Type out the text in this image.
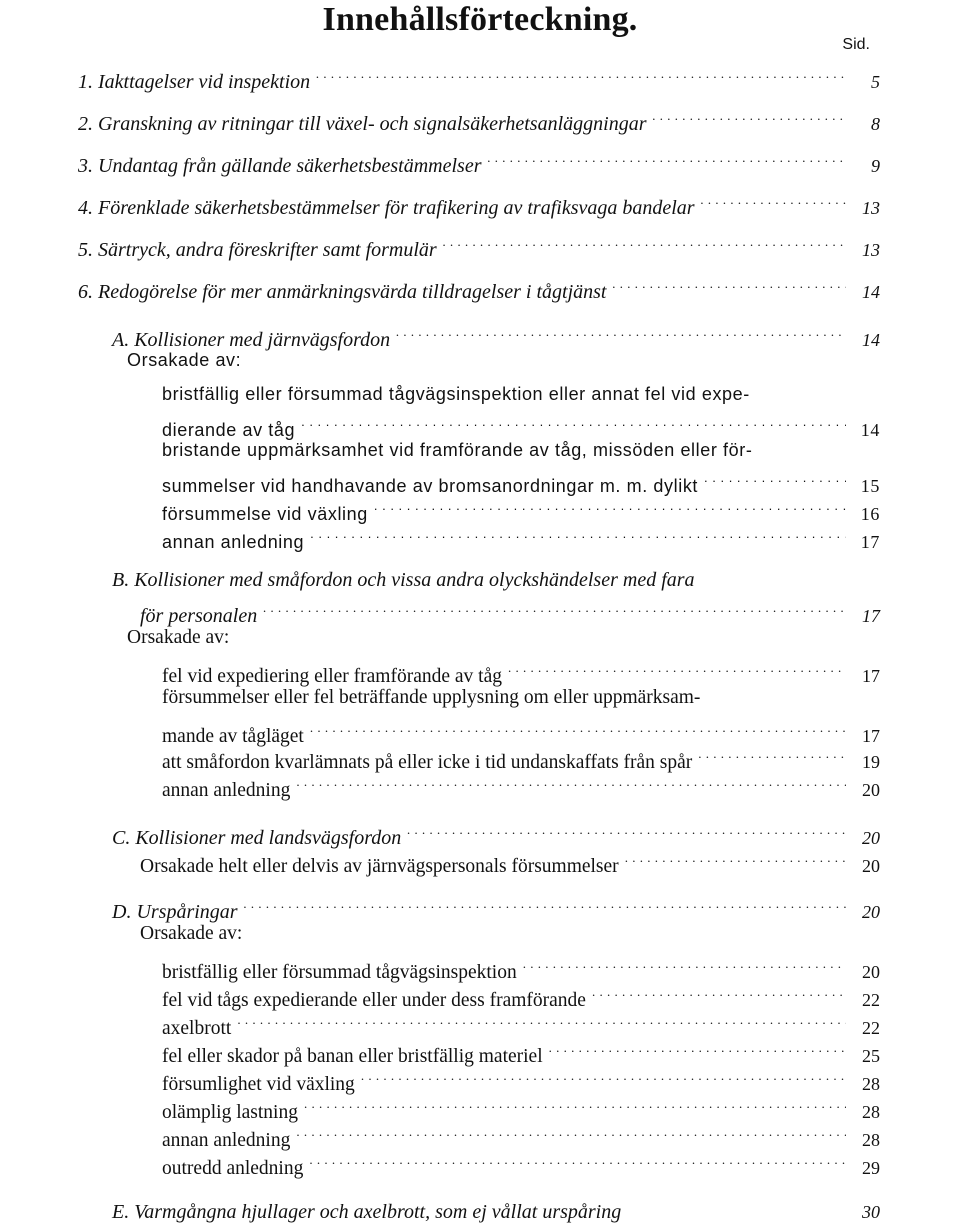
Innehållsförteckning.
Sid.
1. Iakttagelser vid inspektion . . .	5
2. Granskning av ritningar till växel- och signalsäkerhetsanläggningar . . .	8
3. Undantag från gällande säkerhetsbestämmelser . . .	9
4. Förenklade säkerhetsbestämmelser för trafikering av trafiksvaga bandelar . . .	13
5. Särtryck, andra föreskrifter samt formulär . . .	13
6. Redogörelse för mer anmärkningsvärda tilldragelser i tågtjänst . . .	14
A. Kollisioner med järnvägsfordon . . .	14
Orsakade av:
bristfällig eller försummad tågvägsinspektion eller annat fel vid expe-
dierande av tåg . . .	14
bristande uppmärksamhet vid framförande av tåg, missöden eller för-
summelser vid handhavande av bromsanordningar m. m. dylikt . . .	15
försummelse vid växling . . .	16
annan anledning . . .	17
B. Kollisioner med småfordon och vissa andra olyckshändelser med fara
för personalen . . .	17
Orsakade av:
fel vid expediering eller framförande av tåg . . .	17
försummelser eller fel beträffande upplysning om eller uppmärksam-
mande av tågläget . . .	17
att småfordon kvarlämnats på eller icke i tid undanskaffats från spår . . .	19
annan anledning . . .	20
C. Kollisioner med landsvägsfordon . . .	20
Orsakade helt eller delvis av järnvägspersonals försummelser . . .	20
D. Urspåringar . . .	20
Orsakade av:
bristfällig eller försummad tågvägsinspektion . . .	20
fel vid tågs expedierande eller under dess framförande . . .	22
axelbrott . . .	22
fel eller skador på banan eller bristfällig materiel . . .	25
försumlighet vid växling . . .	28
olämplig lastning . . .	28
annan anledning . . .	28
outredd anledning . . .	29
E. Varmgångna hjullager och axelbrott, som ej vållat urspåring	30
